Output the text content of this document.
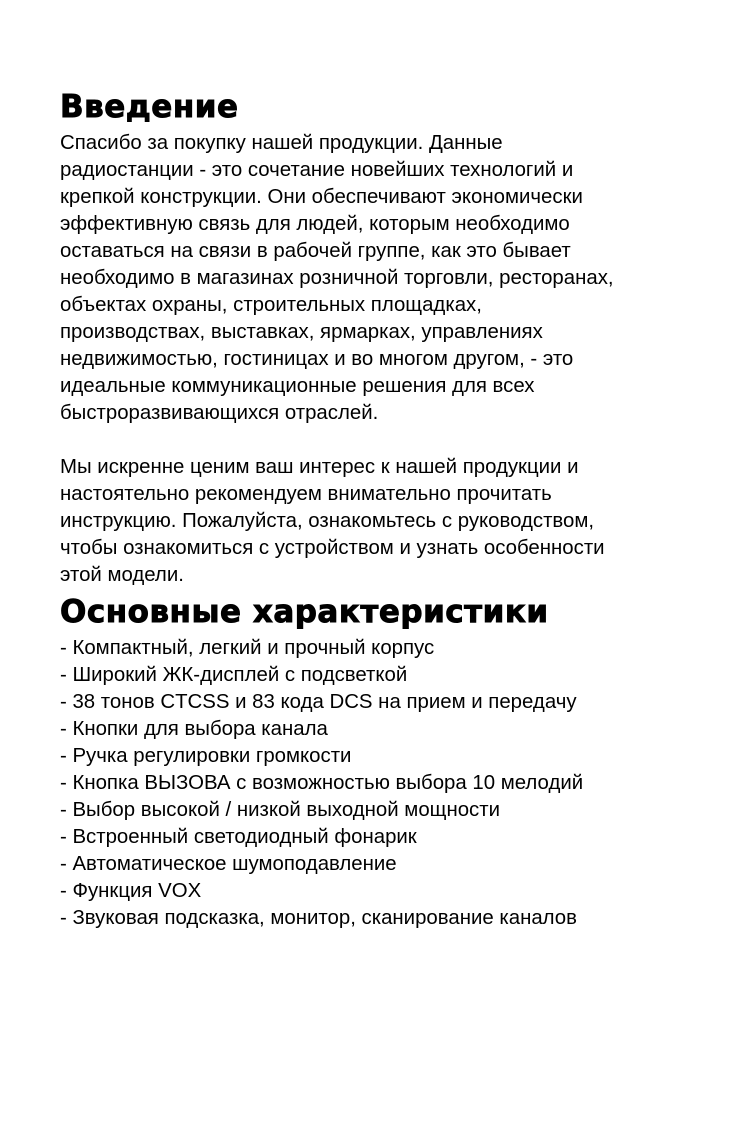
Введение

Спасибо за покупку нашей продукции. Данные
радиостанции - это сочетание новейших технологий и
крепкой конструкции. Они обеспечивают экономически
эффективную связь для людей, которым необходимо
оставаться на связи в рабочей группе, как это бывает
необходимо в магазинах розничной торговли, ресторанах,
объектах охраны, строительных площадках,
производствах, выставках, ярмарках, управлениях
недвижимостью, гостиницах и во многом другом, - это
идеальные коммуникационные решения для всех
быстроразвивающихся отраслей.

Мы искренне ценим ваш интерес к нашей продукции и
настоятельно рекомендуем внимательно прочитать
инструкцию. Пожалуйста, ознакомьтесь с руководством,
чтобы ознакомиться с устройством и узнать особенности
этой модели.

Основные характеристики
- Компактный, легкий и прочный корпус
- Широкий ЖК-дисплей с подсветкой
- 38 тонов CTCSS и 83 кода DCS на прием и передачу
- Кнопки для выбора канала
- Ручка регулировки громкости
- Кнопка ВЫЗОВА с возможностью выбора 10 мелодий
- Выбор высокой / низкой выходной мощности
- Встроенный светодиодный фонарик
- Автоматическое шумоподавление
- Функция VOX
- Звуковая подсказка, монитор, сканирование каналов
